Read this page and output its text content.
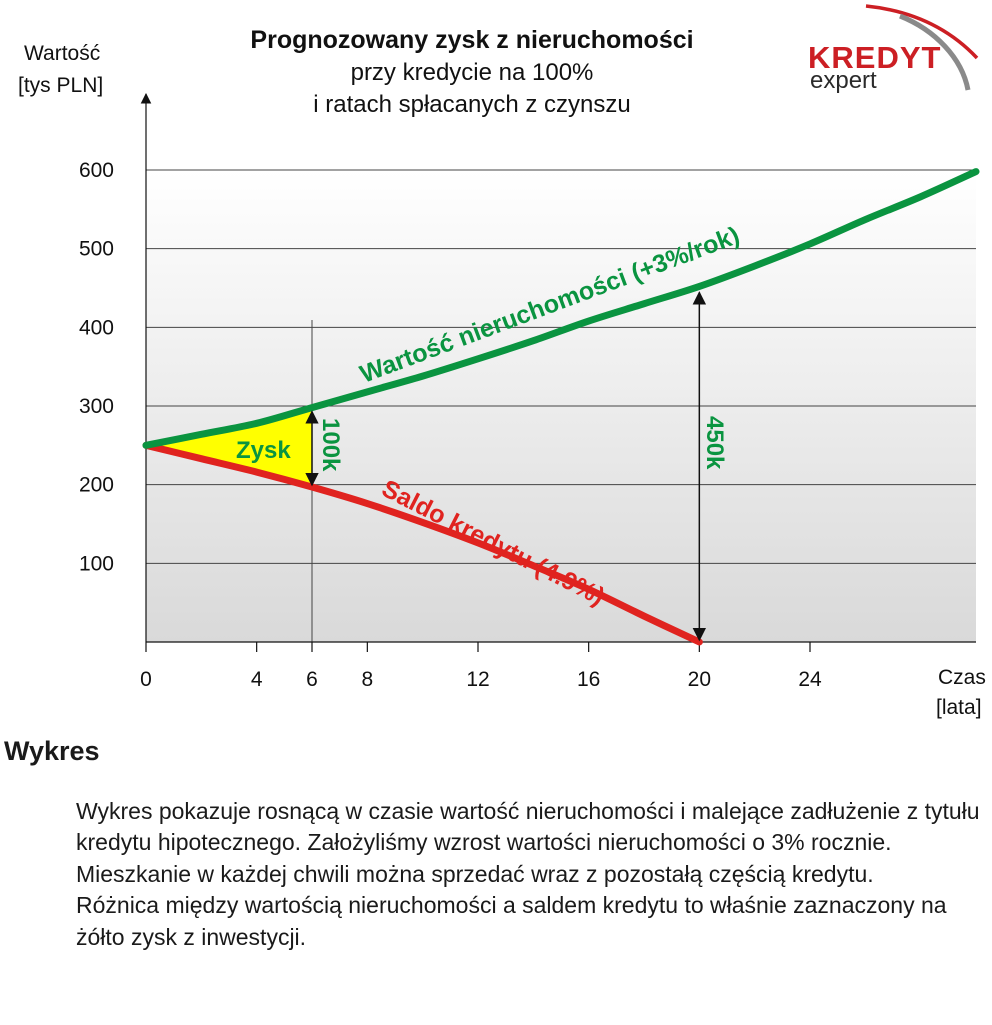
100
200
300
400
500
600
0	4 6 8	12	16	20	24
Zysk 100k	450k
Wartość nieruchomości (+3%/rok)
Saldo kredytu (4.9%)
Prognozowany zysk z nieruchomości
przy kredycie na 100%
i ratach spłacanych z czynszu
Wartość
[tys PLN]
Czas
[lata]
KREDYT
expert
Wykres

Wykres pokazuje rosnącą w czasie wartość nieruchomości i malejące zadłużenie z tytułu kredytu hipotecznego. Założyliśmy wzrost wartości nieruchomości o 3% rocznie.

Mieszkanie w każdej chwili można sprzedać wraz z pozostałą częścią kredytu.

Różnica między wartością nieruchomości a saldem kredytu to właśnie zaznaczony na żółto zysk z inwestycji.
